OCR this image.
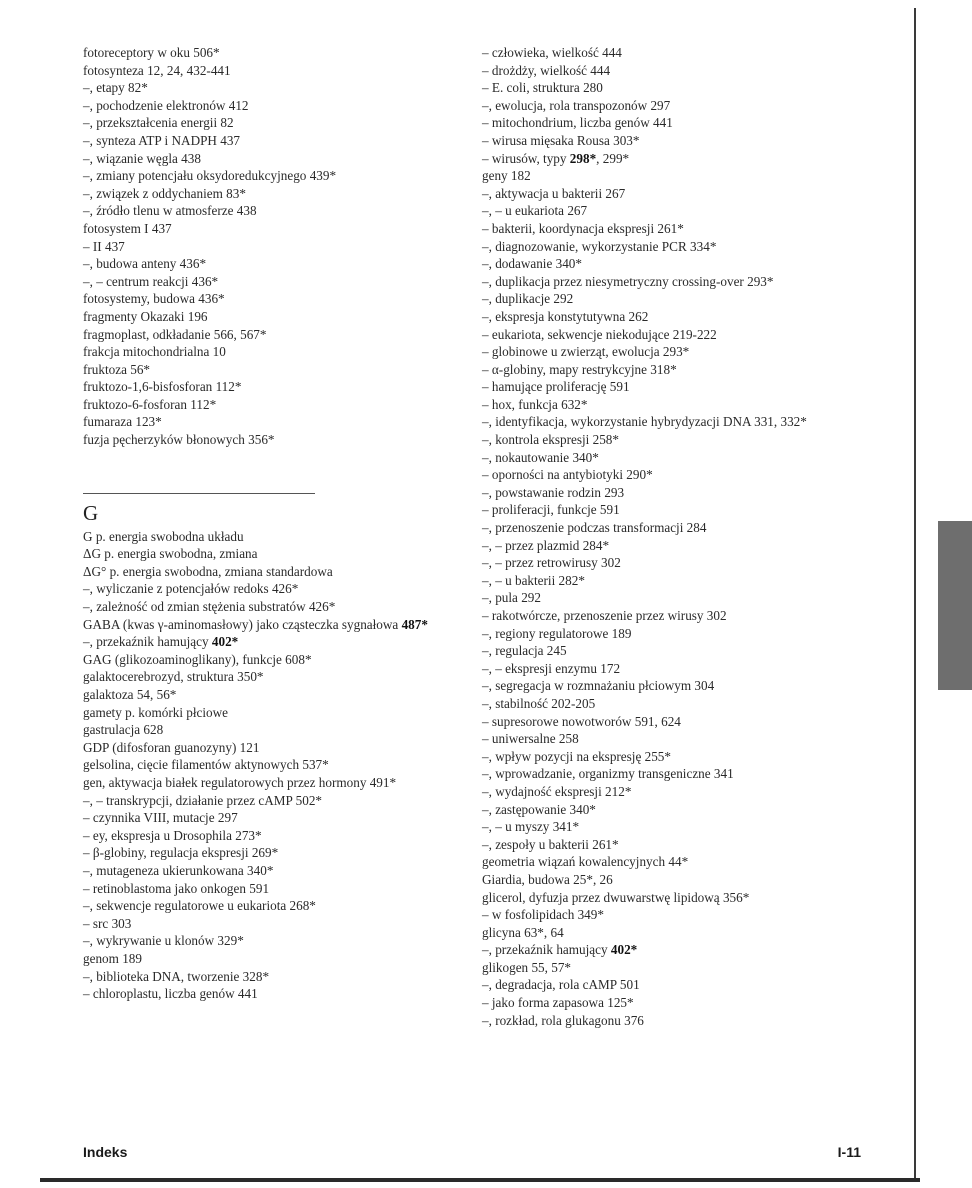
fotoreceptory w oku 506*
fotosynteza 12, 24, 432-441
–, etapy 82*
–, pochodzenie elektronów 412
–, przekształcenia energii 82
–, synteza ATP i NADPH 437
–, wiązanie węgla 438
–, zmiany potencjału oksydoredukcyjnego 439*
–, związek z oddychaniem 83*
–, źródło tlenu w atmosferze 438
fotosystem I 437
– II 437
–, budowa anteny 436*
–, – centrum reakcji 436*
fotosystemy, budowa 436*
fragmenty Okazaki 196
fragmoplast, odkładanie 566, 567*
frakcja mitochondrialna 10
fruktoza 56*
fruktozo-1,6-bisfosforan 112*
fruktozo-6-fosforan 112*
fumaraza 123*
fuzja pęcherzyków błonowych 356*
G
G p. energia swobodna układu
ΔG p. energia swobodna, zmiana
ΔG° p. energia swobodna, zmiana standardowa
–, wyliczanie z potencjałów redoks 426*
–, zależność od zmian stężenia substratów 426*
GABA (kwas γ-aminomasłowy) jako cząsteczka sygnałowa 487*
–, przekaźnik hamujący 402*
GAG (glikozoaminoglikany), funkcje 608*
galaktocerebrozyd, struktura 350*
galaktoza 54, 56*
gamety p. komórki płciowe
gastrulacja 628
GDP (difosforan guanozyny) 121
gelsolina, cięcie filamentów aktynowych 537*
gen, aktywacja białek regulatorowych przez hormony 491*
–, – transkrypcji, działanie przez cAMP 502*
– czynnika VIII, mutacje 297
– ey, ekspresja u Drosophila 273*
– β-globiny, regulacja ekspresji 269*
–, mutageneza ukierunkowana 340*
– retinoblastoma jako onkogen 591
–, sekwencje regulatorowe u eukariota 268*
– src 303
–, wykrywanie u klonów 329*
genom 189
–, biblioteka DNA, tworzenie 328*
– chloroplastu, liczba genów 441
– człowieka, wielkość 444
– drożdży, wielkość 444
– E. coli, struktura 280
–, ewolucja, rola transpozonów 297
– mitochondrium, liczba genów 441
– wirusa mięsaka Rousa 303*
– wirusów, typy 298*, 299*
geny 182
–, aktywacja u bakterii 267
–, – u eukariota 267
– bakterii, koordynacja ekspresji 261*
–, diagnozowanie, wykorzystanie PCR 334*
–, dodawanie 340*
–, duplikacja przez niesymetryczny crossing-over 293*
–, duplikacje 292
–, ekspresja konstytutywna 262
– eukariota, sekwencje niekodujące 219-222
– globinowe u zwierząt, ewolucja 293*
– α-globiny, mapy restrykcyjne 318*
– hamujące proliferację 591
– hox, funkcja 632*
–, identyfikacja, wykorzystanie hybrydyzacji DNA 331, 332*
–, kontrola ekspresji 258*
–, nokautowanie 340*
– oporności na antybiotyki 290*
–, powstawanie rodzin 293
– proliferacji, funkcje 591
–, przenoszenie podczas transformacji 284
–, – przez plazmid 284*
–, – przez retrowirusy 302
–, – u bakterii 282*
–, pula 292
– rakotwórcze, przenoszenie przez wirusy 302
–, regiony regulatorowe 189
–, regulacja 245
–, – ekspresji enzymu 172
–, segregacja w rozmnażaniu płciowym 304
–, stabilność 202-205
– supresorowe nowotworów 591, 624
– uniwersalne 258
–, wpływ pozycji na ekspresję 255*
–, wprowadzanie, organizmy transgeniczne 341
–, wydajność ekspresji 212*
–, zastępowanie 340*
–, – u myszy 341*
–, zespoły u bakterii 261*
geometria wiązań kowalencyjnych 44*
Giardia, budowa 25*, 26
glicerol, dyfuzja przez dwuwarstwę lipidową 356*
– w fosfolipidach 349*
glicyna 63*, 64
–, przekaźnik hamujący 402*
glikogen 55, 57*
–, degradacja, rola cAMP 501
– jako forma zapasowa 125*
–, rozkład, rola glukagonu 376
Indeks	I-11
